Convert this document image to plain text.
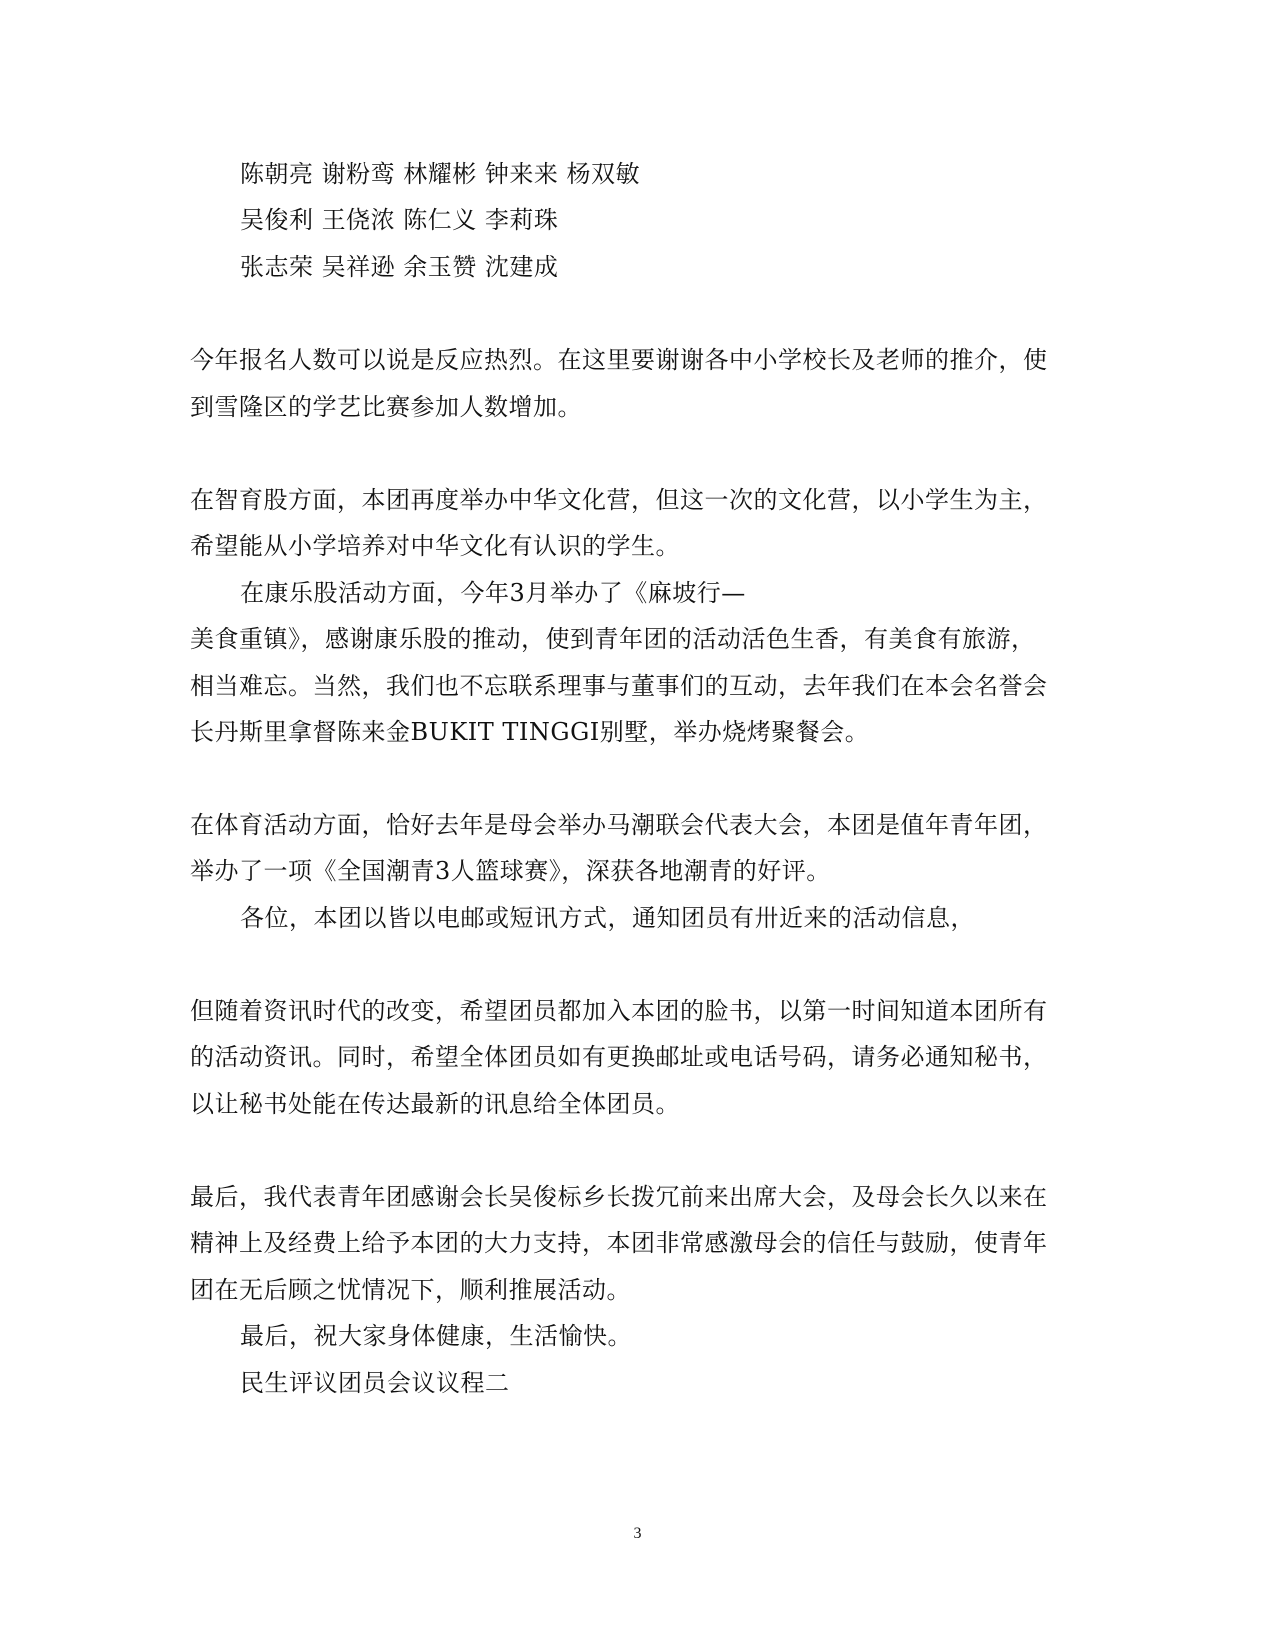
陈朝亮 谢粉鸾 林耀彬 钟来来 杨双敏
吴俊利 王侥浓 陈仁义 李莉珠
张志荣 吴祥逊 余玉赞 沈建成
今年报名人数可以说是反应热烈。在这里要谢谢各中小学校长及老师的推介，使
到雪隆区的学艺比赛参加人数增加。
在智育股方面，本团再度举办中华文化营，但这一次的文化营，以小学生为主，
希望能从小学培养对中华文化有认识的学生。
在康乐股活动方面，今年3月举办了《麻坡行—
美食重镇》，感谢康乐股的推动，使到青年团的活动活色生香，有美食有旅游，
相当难忘。当然，我们也不忘联系理事与董事们的互动，去年我们在本会名誉会
长丹斯里拿督陈来金BUKIT TINGGI别墅，举办烧烤聚餐会。
在体育活动方面，恰好去年是母会举办马潮联会代表大会，本团是值年青年团，
举办了一项《全国潮青3人篮球赛》，深获各地潮青的好评。
各位，本团以皆以电邮或短讯方式，通知团员有卅近来的活动信息，
但随着资讯时代的改变，希望团员都加入本团的脸书，以第一时间知道本团所有
的活动资讯。同时，希望全体团员如有更换邮址或电话号码，请务必通知秘书，
以让秘书处能在传达最新的讯息给全体团员。
最后，我代表青年团感谢会长吴俊标乡长拨冗前来出席大会，及母会长久以来在
精神上及经费上给予本团的大力支持，本团非常感激母会的信任与鼓励，使青年
团在无后顾之忧情况下，顺利推展活动。
最后，祝大家身体健康，生活愉快。
民生评议团员会议议程二
3
